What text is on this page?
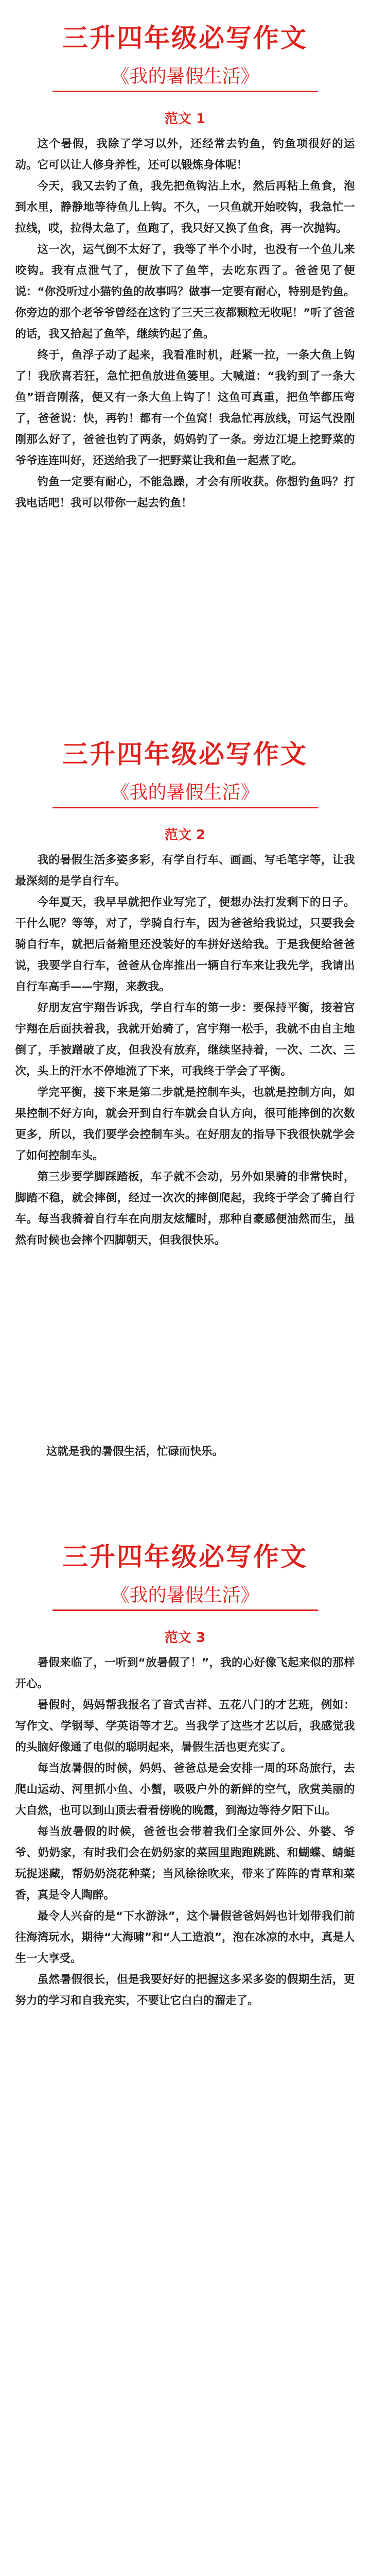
三升四年级必写作文
《我的暑假生活》
范文 1

这个暑假，我除了学习以外，还经常去钓鱼，钓鱼项很好的运动。它可以让人修身养性，还可以锻炼身体呢！

今天，我又去钓了鱼，我先把鱼钩沾上水，然后再粘上鱼食，泡到水里，静静地等待鱼儿上钩。不久，一只鱼就开始咬钩，我急忙一拉线，哎，拉得太急了，鱼跑了，我只好又换了鱼食，再一次抛钩。

这一次，运气倒不太好了，我等了半个小时，也没有一个鱼儿来咬钩。我有点泄气了，便放下了鱼竿，去吃东西了。爸爸见了便说：“你没听过小猫钓鱼的故事吗？做事一定要有耐心，特别是钓鱼。你旁边的那个老爷爷曾经在这钓了三天三夜都颗粒无收呢！”听了爸爸的话，我又拾起了鱼竿，继续钓起了鱼。

终于，鱼浮子动了起来，我看准时机，赶紧一拉，一条大鱼上钩了！我欣喜若狂，急忙把鱼放进鱼篓里。大喊道：“我钓到了一条大鱼”语音刚落，便又有一条大鱼上钩了！这鱼可真重，把鱼竿都压弯了，爸爸说：快，再钓！都有一个鱼窝！我急忙再放线，可运气没刚刚那么好了，爸爸也钓了两条，妈妈钓了一条。旁边江堤上挖野菜的爷爷连连叫好，还送给我了一把野菜让我和鱼一起煮了吃。

钓鱼一定要有耐心，不能急躁，才会有所收获。你想钓鱼吗？打我电话吧！我可以带你一起去钓鱼！

三升四年级必写作文
《我的暑假生活》
范文 2

我的暑假生活多姿多彩，有学自行车、画画、写毛笔字等，让我最深刻的是学自行车。

今年夏天，我早早就把作业写完了，便想办法打发剩下的日子。干什么呢？等等，对了，学骑自行车，因为爸爸给我说过，只要我会骑自行车，就把后备箱里还没装好的车拼好送给我。于是我便给爸爸说，我要学自行车，爸爸从仓库推出一辆自行车来让我先学，我请出自行车高手——宇翔，来教我。

好朋友宫宇翔告诉我，学自行车的第一步：要保持平衡，接着宫宇翔在后面扶着我，我就开始骑了，宫宇翔一松手，我就不由自主地倒了，手被蹭破了皮，但我没有放弃，继续坚持着，一次、二次、三次，头上的汗水不停地流了下来，可我终于学会了平衡。

学完平衡，接下来是第二步就是控制车头，也就是控制方向，如果控制不好方向，就会开到自行车就会自认方向，很可能摔倒的次数更多，所以，我们要学会控制车头。在好朋友的指导下我很快就学会了如何控制车头。

第三步要学脚踩踏板，车子就不会动，另外如果骑的非常快时，脚踏不稳，就会摔倒，经过一次次的摔倒爬起，我终于学会了骑自行车。每当我骑着自行车在向朋友炫耀时，那种自豪感便油然而生，虽然有时候也会摔个四脚朝天，但我很快乐。

这就是我的暑假生活，忙碌而快乐。

三升四年级必写作文
《我的暑假生活》
范文 3

暑假来临了，一听到“放暑假了！”，我的心好像飞起来似的那样开心。

暑假时，妈妈帮我报名了音式吉祥、五花八门的才艺班，例如：写作文、学钢琴、学英语等才艺。当我学了这些才艺以后，我感觉我的头脑好像通了电似的聪明起来，暑假生活也更充实了。

每当放暑假的时候，妈妈、爸爸总是会安排一周的环岛旅行，去爬山运动、河里抓小鱼、小蟹，吸吸户外的新鲜的空气，欣赏美丽的大自然，也可以到山顶去看看傍晚的晚霞，到海边等待夕阳下山。

每当放暑假的时候，爸爸也会带着我们全家回外公、外婆、爷爷、奶奶家，有时我们会在奶奶家的菜园里跑跑跳跳、和蝴蝶、蜻蜓玩捉迷藏，帮奶奶浇花种菜；当风徐徐吹来，带来了阵阵的青草和菜香，真是令人陶醉。

最令人兴奋的是“下水游泳”，这个暑假爸爸妈妈也计划带我们前往海湾玩水，期待“大海啸”和“人工造浪”，泡在冰凉的水中，真是人生一大享受。

虽然暑假很长，但是我要好好的把握这多采多姿的假期生活，更努力的学习和自我充实，不要让它白白的溜走了。
